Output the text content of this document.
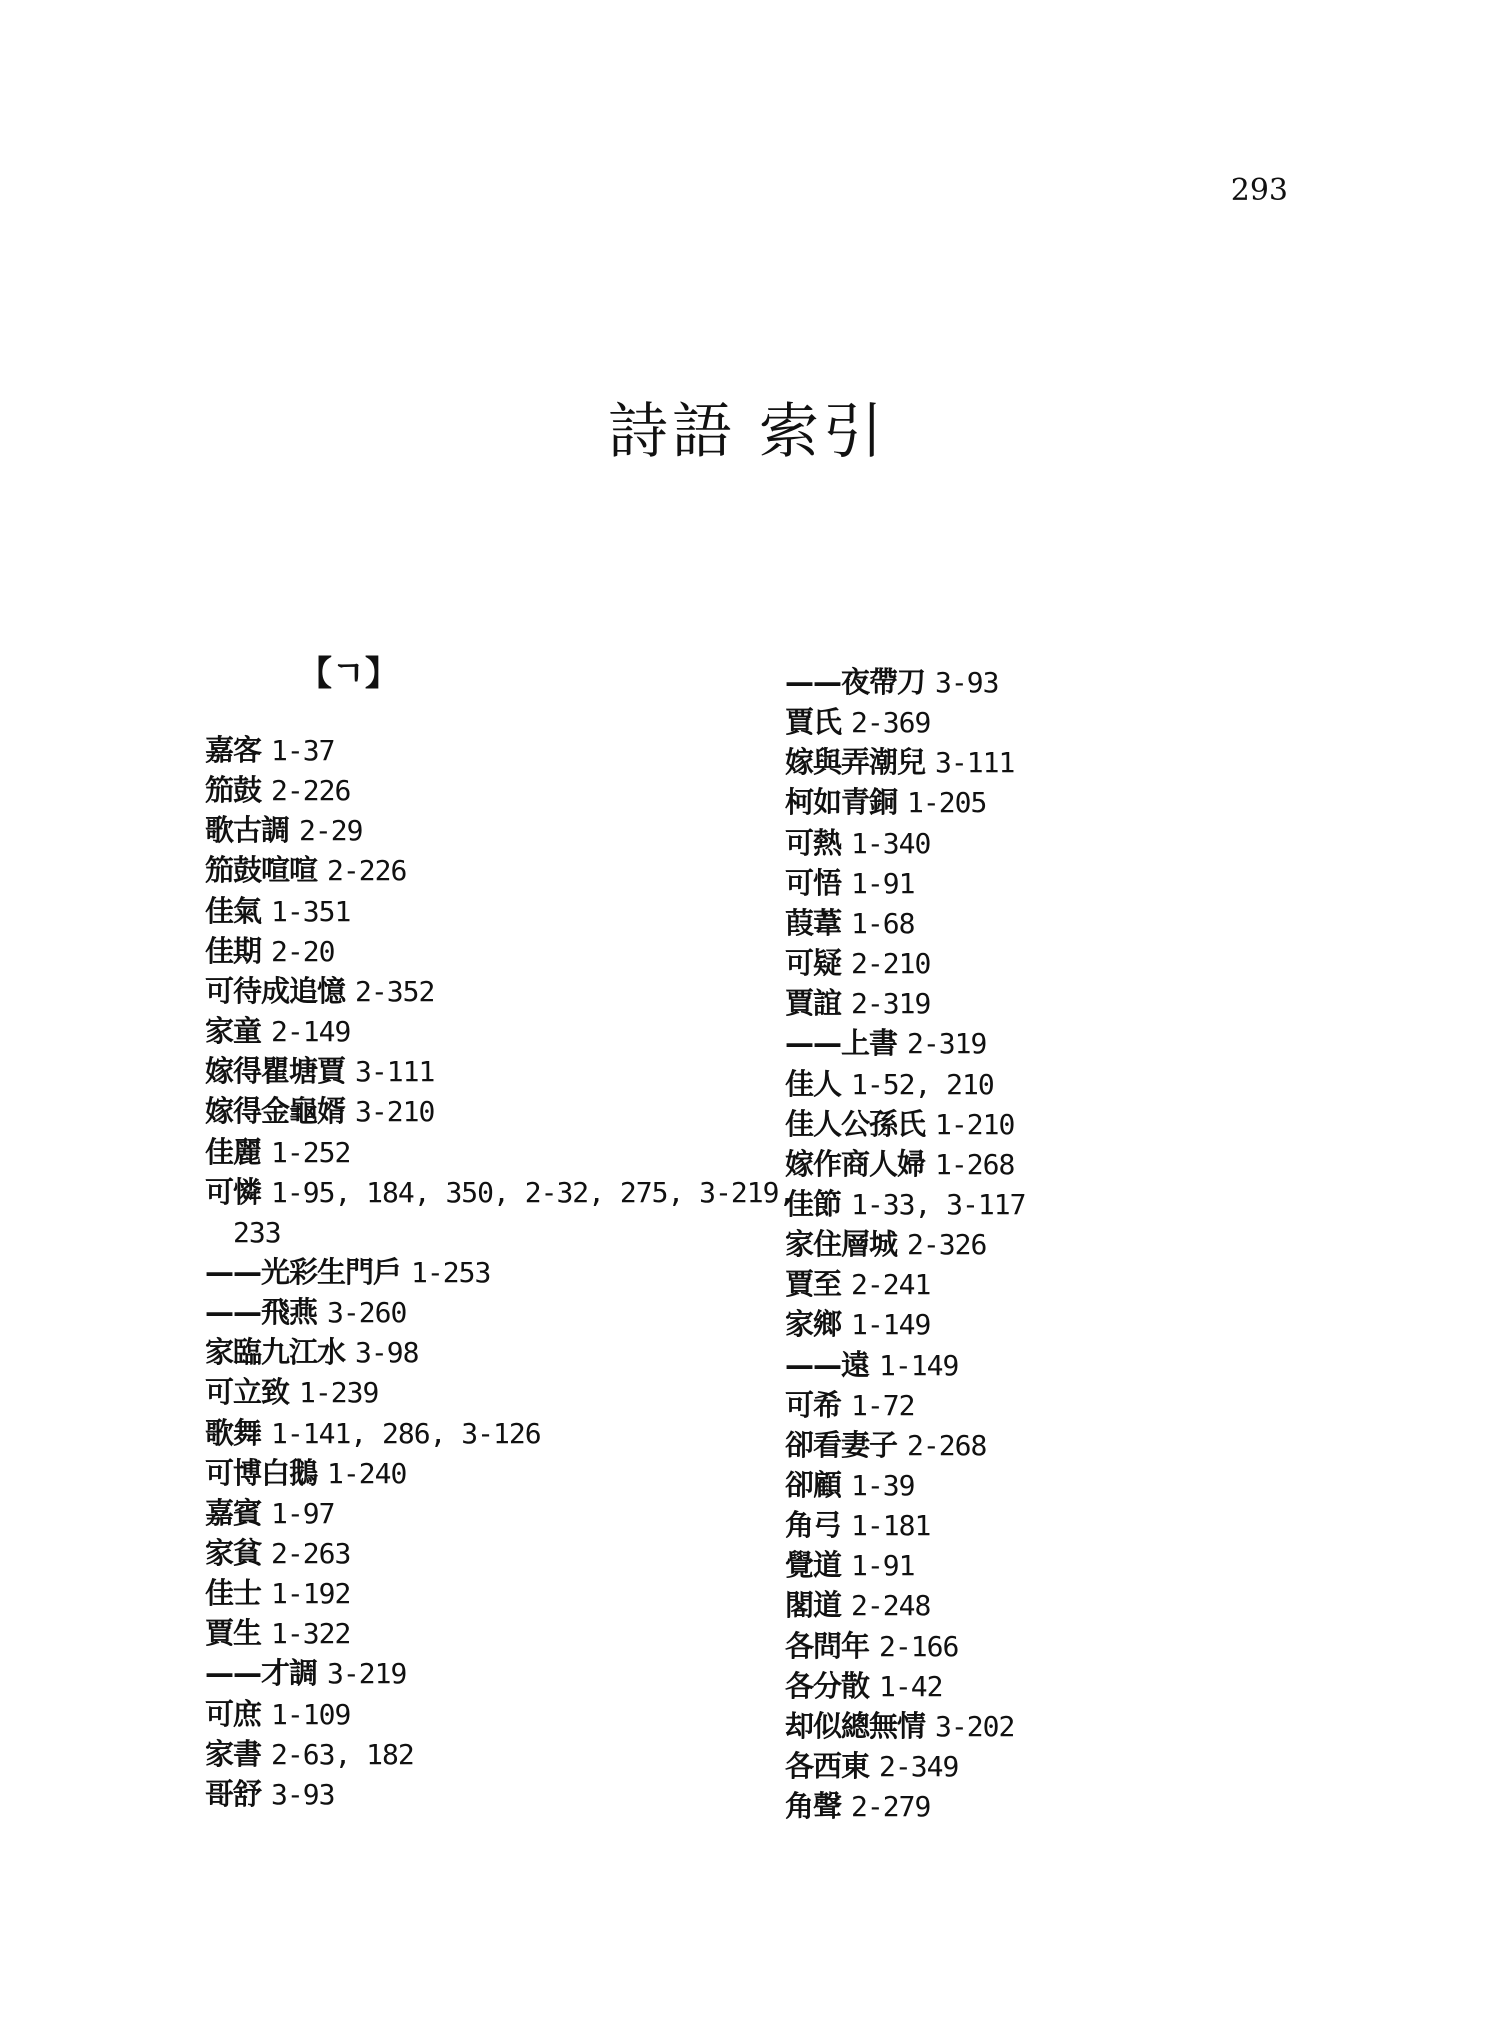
293
詩語 索引
【ㄱ】
嘉客 1-37
笳鼓 2-226
歌古調 2-29
笳鼓喧喧 2-226
佳氣 1-351
佳期 2-20
可待成追憶 2-352
家童 2-149
嫁得瞿塘賈 3-111
嫁得金龜婿 3-210
佳麗 1-252
可憐 1-95, 184, 350, 2-32, 275, 3-219,
233
——光彩生門戶 1-253
——飛燕 3-260
家臨九江水 3-98
可立致 1-239
歌舞 1-141, 286, 3-126
可博白鵝 1-240
嘉賓 1-97
家貧 2-263
佳士 1-192
賈生 1-322
——才調 3-219
可庶 1-109
家書 2-63, 182
哥舒 3-93
——夜帶刀 3-93
賈氏 2-369
嫁與弄潮兒 3-111
柯如青銅 1-205
可熱 1-340
可悟 1-91
葭葦 1-68
可疑 2-210
賈誼 2-319
——上書 2-319
佳人 1-52, 210
佳人公孫氏 1-210
嫁作商人婦 1-268
佳節 1-33, 3-117
家住層城 2-326
賈至 2-241
家鄉 1-149
——遠 1-149
可希 1-72
卻看妻子 2-268
卻顧 1-39
角弓 1-181
覺道 1-91
閣道 2-248
各問年 2-166
各分散 1-42
却似總無情 3-202
各西東 2-349
角聲 2-279
